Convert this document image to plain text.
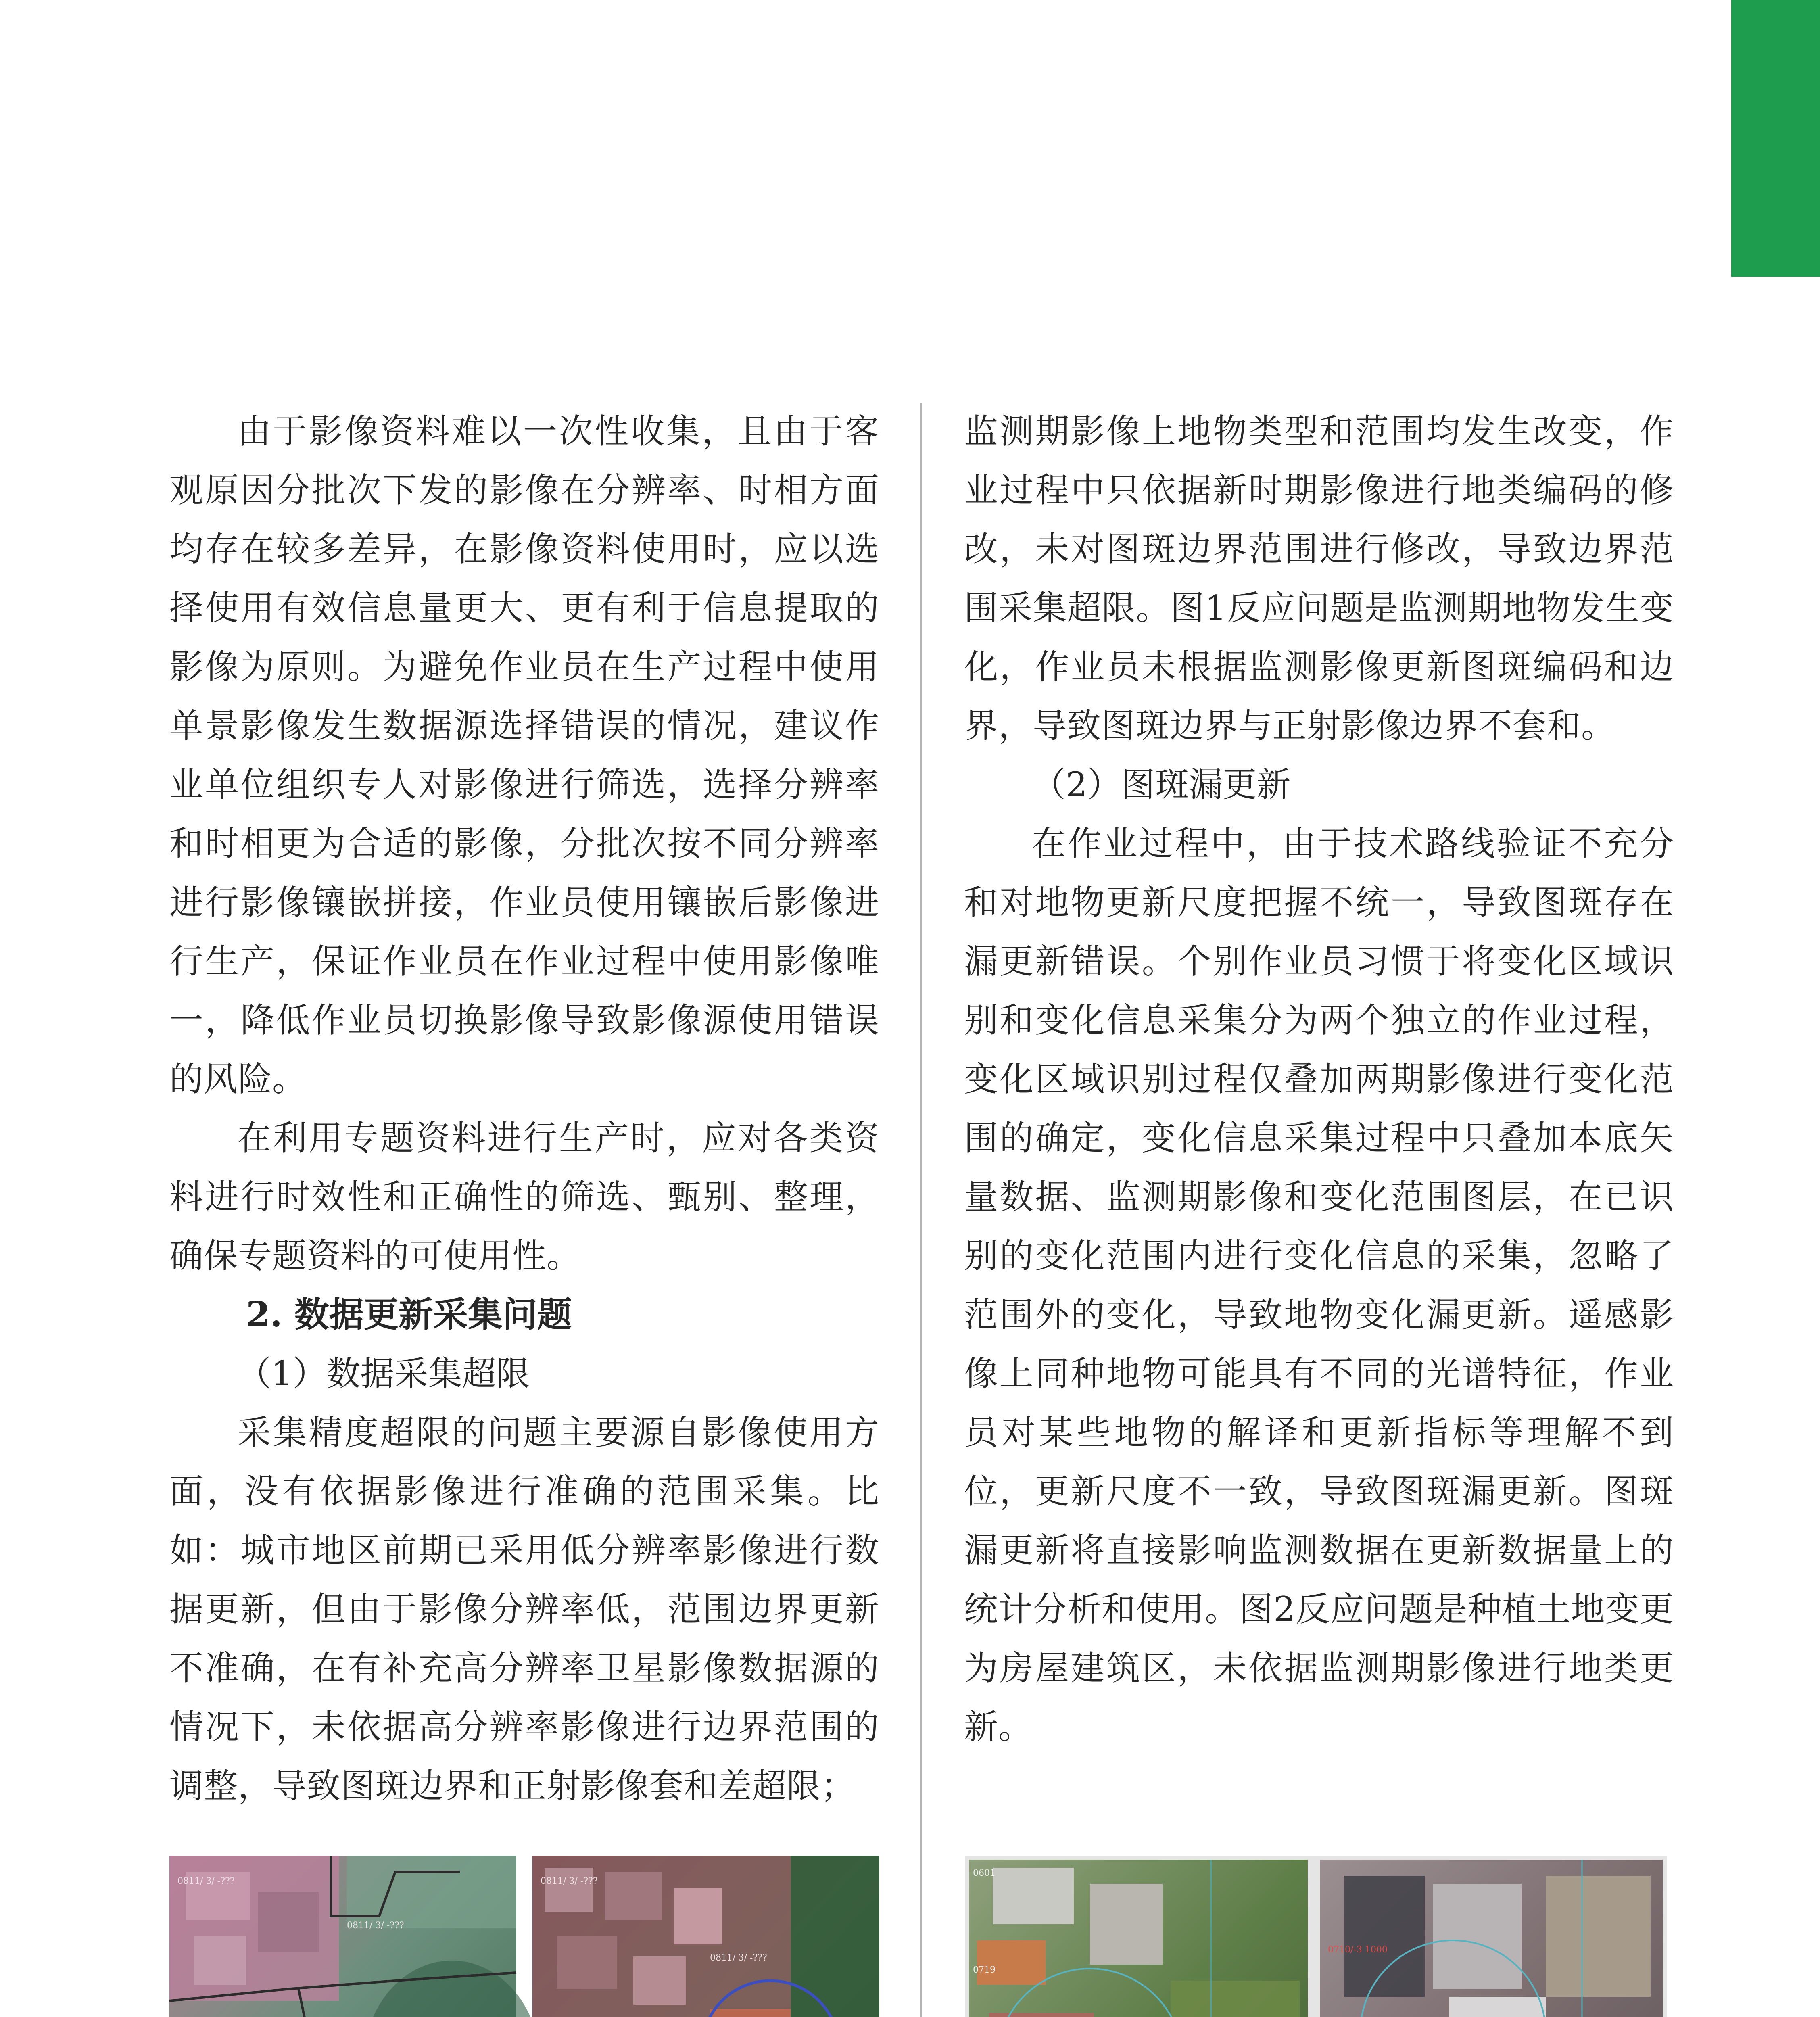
由于影像资料难以一次性收集，且由于客观原因分批次下发的影像在分辨率、时相方面均存在较多差异，在影像资料使用时，应以选择使用有效信息量更大、更有利于信息提取的影像为原则。为避免作业员在生产过程中使用单景影像发生数据源选择错误的情况，建议作业单位组织专人对影像进行筛选，选择分辨率和时相更为合适的影像，分批次按不同分辨率进行影像镶嵌拼接，作业员使用镶嵌后影像进行生产，保证作业员在作业过程中使用影像唯一，降低作业员切换影像导致影像源使用错误的风险。

在利用专题资料进行生产时，应对各类资料进行时效性和正确性的筛选、甄别、整理，确保专题资料的可使用性。

2. 数据更新采集问题

（1）数据采集超限

采集精度超限的问题主要源自影像使用方面，没有依据影像进行准确的范围采集。比如：城市地区前期已采用低分辨率影像进行数据更新，但由于影像分辨率低，范围边界更新不准确，在有补充高分辨率卫星影像数据源的情况下，未依据高分辨率影像进行边界范围的调整，导致图斑边界和正射影像套和差超限；

监测期影像上地物类型和范围均发生改变，作业过程中只依据新时期影像进行地类编码的修改，未对图斑边界范围进行修改，导致边界范围采集超限。图1反应问题是监测期地物发生变化，作业员未根据监测影像更新图斑编码和边界，导致图斑边界与正射影像边界不套和。

（2）图斑漏更新

在作业过程中，由于技术路线验证不充分和对地物更新尺度把握不统一，导致图斑存在漏更新错误。个别作业员习惯于将变化区域识别和变化信息采集分为两个独立的作业过程，变化区域识别过程仅叠加两期影像进行变化范围的确定，变化信息采集过程中只叠加本底矢量数据、监测期影像和变化范围图层，在已识别的变化范围内进行变化信息的采集，忽略了范围外的变化，导致地物变化漏更新。遥感影像上同种地物可能具有不同的光谱特征，作业员对某些地物的解译和更新指标等理解不到位，更新尺度不一致，导致图斑漏更新。图斑漏更新将直接影响监测数据在更新数据量上的统计分析和使用。图2反应问题是种植土地变更为房屋建筑区，未依据监测期影像进行地类更新。

0811/ 3/ -???
0811/ 3/ -???
0811/ 3/ -???
0811/ 3/ -???
0601
0719
0710/-3 1000
